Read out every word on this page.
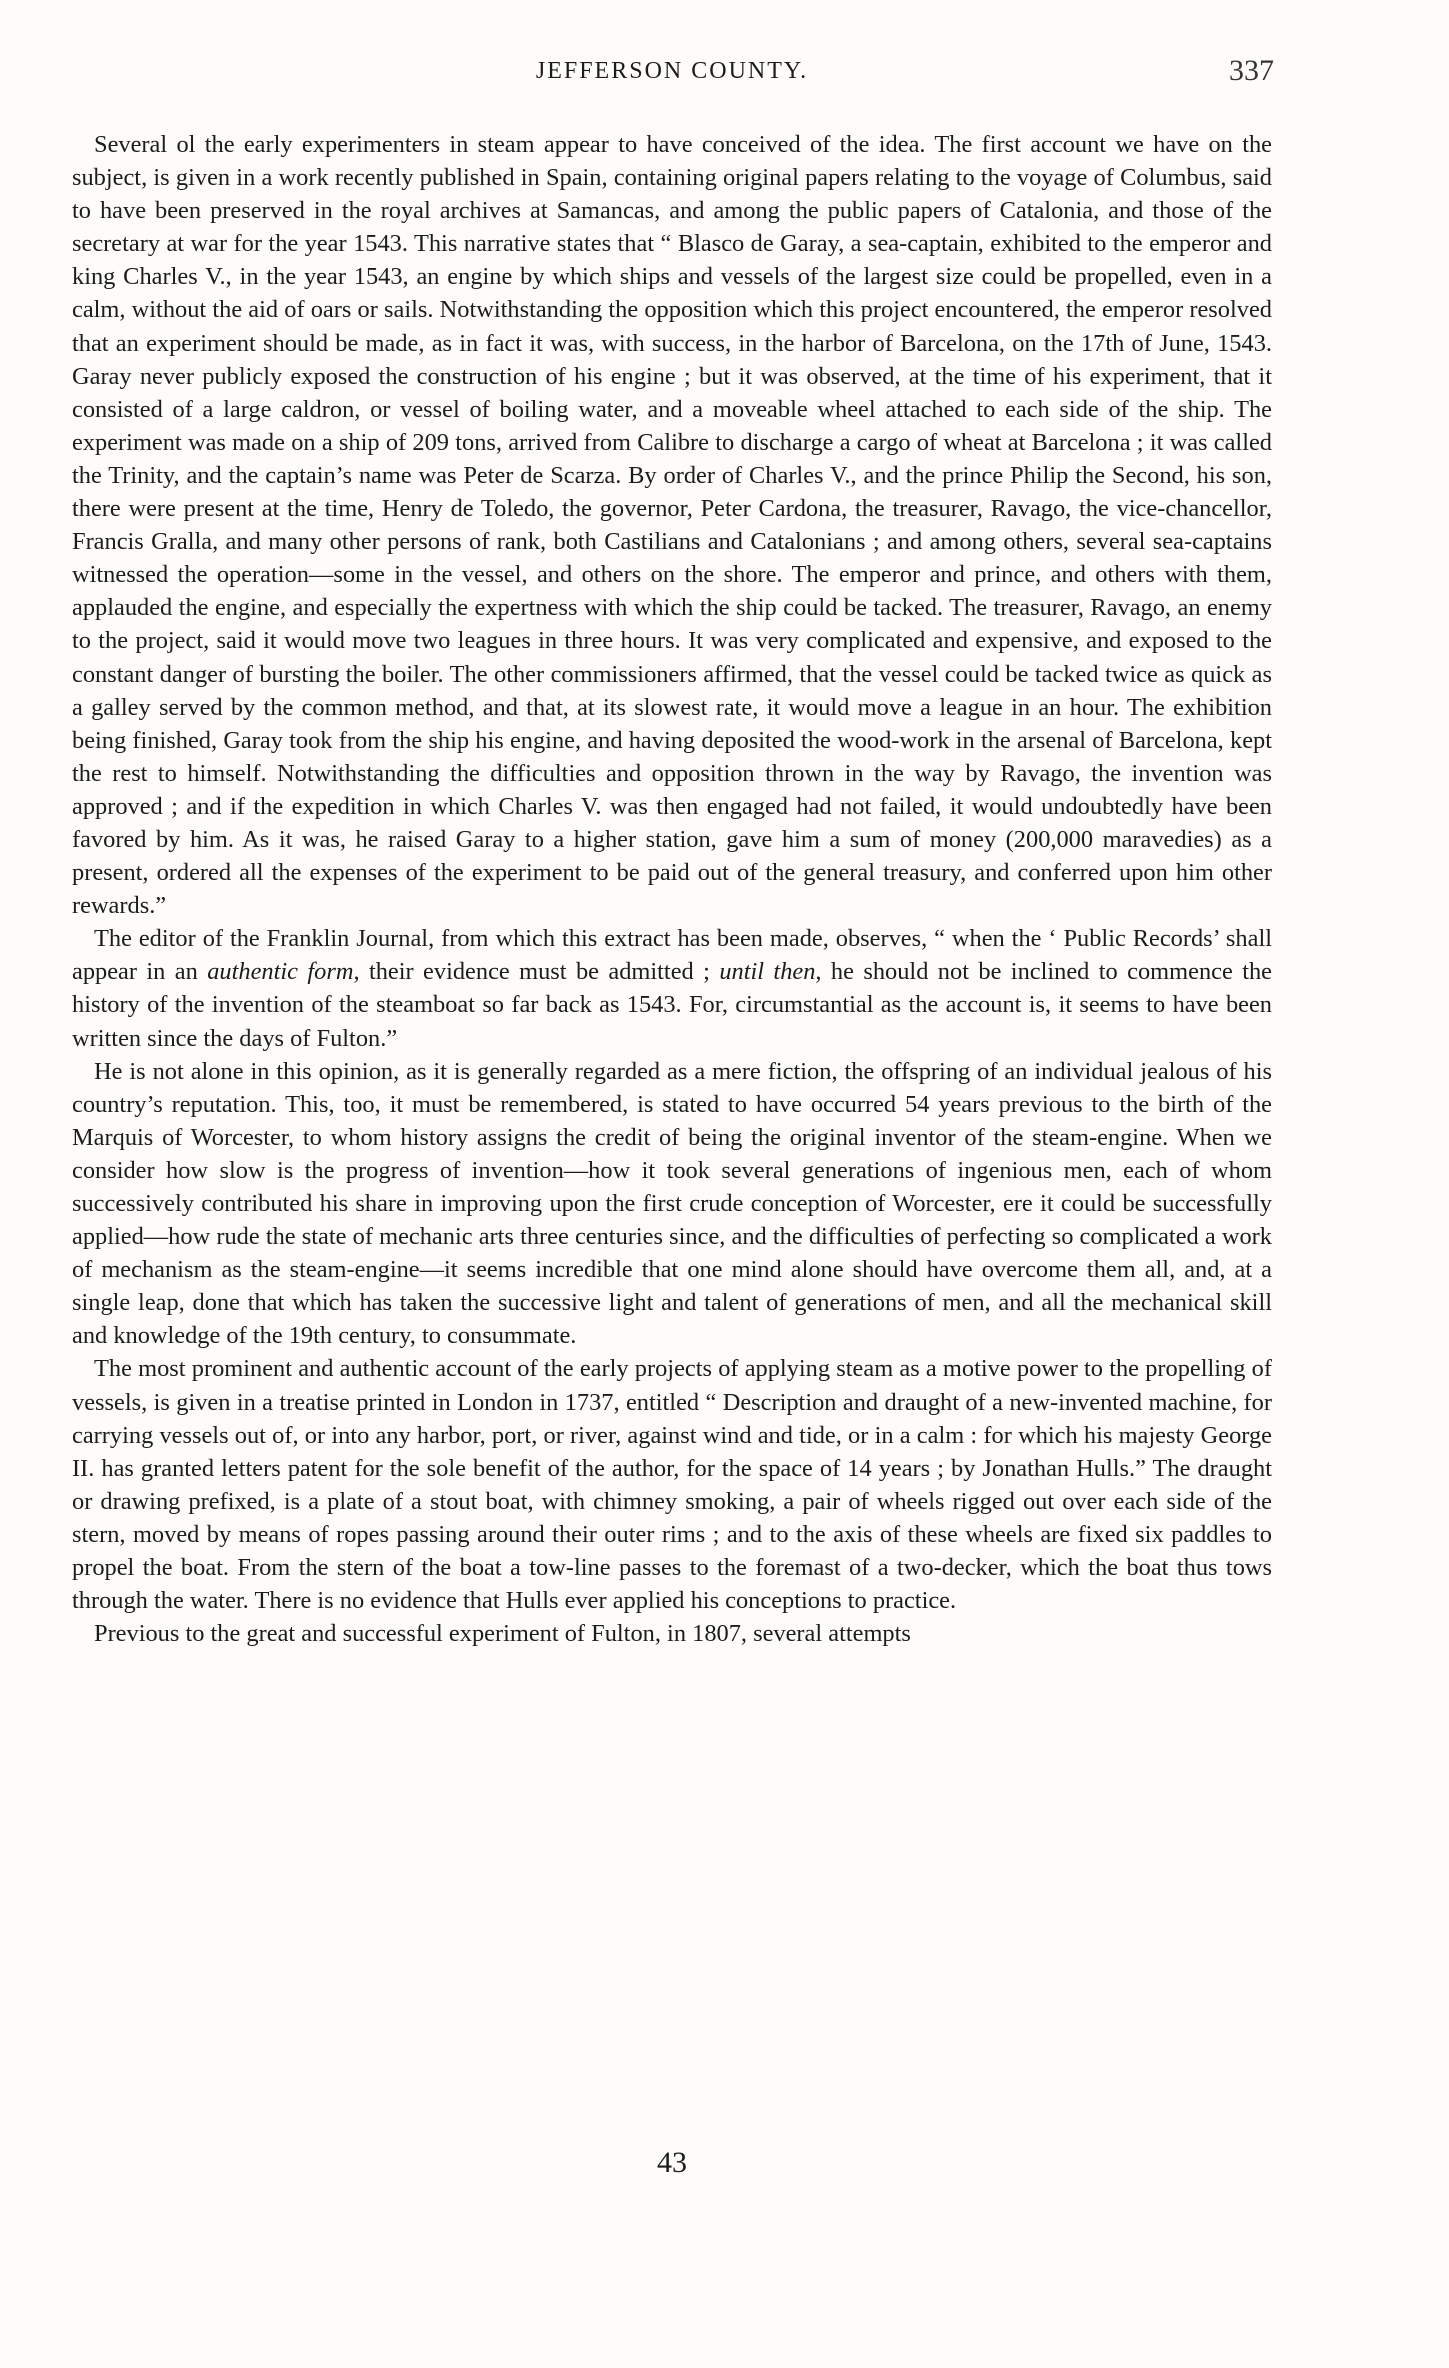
JEFFERSON COUNTY.	337

Several ol the early experimenters in steam appear to have conceived of the idea. The first account we have on the subject, is given in a work recently published in Spain, containing original papers relating to the voyage of Columbus, said to have been preserved in the royal archives at Samancas, and among the public papers of Catalonia, and those of the secretary at war for the year 1543. This narrative states that “ Blasco de Garay, a sea-captain, exhibited to the emperor and king Charles V., in the year 1543, an engine by which ships and vessels of the largest size could be propelled, even in a calm, without the aid of oars or sails. Notwithstanding the opposition which this project encountered, the emperor resolved that an experiment should be made, as in fact it was, with success, in the harbor of Barcelona, on the 17th of June, 1543. Garay never publicly exposed the construction of his engine ; but it was observed, at the time of his experiment, that it consisted of a large caldron, or vessel of boiling water, and a moveable wheel attached to each side of the ship. The experiment was made on a ship of 209 tons, arrived from Calibre to discharge a cargo of wheat at Barcelona ; it was called the Trinity, and the captain’s name was Peter de Scarza. By order of Charles V., and the prince Philip the Second, his son, there were present at the time, Henry de Toledo, the governor, Peter Cardona, the treasurer, Ravago, the vice-chancellor, Francis Gralla, and many other persons of rank, both Castilians and Catalonians ; and among others, several sea-captains witnessed the operation—some in the vessel, and others on the shore. The emperor and prince, and others with them, applauded the engine, and especially the expertness with which the ship could be tacked. The treasurer, Ravago, an enemy to the project, said it would move two leagues in three hours. It was very complicated and expensive, and exposed to the constant danger of bursting the boiler. The other commissioners affirmed, that the vessel could be tacked twice as quick as a galley served by the common method, and that, at its slowest rate, it would move a league in an hour. The exhibition being finished, Garay took from the ship his engine, and having deposited the wood-work in the arsenal of Barcelona, kept the rest to himself. Notwithstanding the difficulties and opposition thrown in the way by Ravago, the invention was approved ; and if the expedition in which Charles V. was then engaged had not failed, it would undoubtedly have been favored by him. As it was, he raised Garay to a higher station, gave him a sum of money (200,000 maravedies) as a present, ordered all the expenses of the experiment to be paid out of the general treasury, and conferred upon him other rewards.”

The editor of the Franklin Journal, from which this extract has been made, observes, “ when the ‘ Public Records’ shall appear in an authentic form, their evidence must be admitted ; until then, he should not be inclined to commence the history of the invention of the steamboat so far back as 1543. For, circumstantial as the account is, it seems to have been written since the days of Fulton.”

He is not alone in this opinion, as it is generally regarded as a mere fiction, the offspring of an individual jealous of his country’s reputation. This, too, it must be remembered, is stated to have occurred 54 years previous to the birth of the Marquis of Worcester, to whom history assigns the credit of being the original inventor of the steam-engine. When we consider how slow is the progress of invention—how it took several generations of ingenious men, each of whom successively contributed his share in improving upon the first crude conception of Worcester, ere it could be successfully applied—how rude the state of mechanic arts three centuries since, and the difficulties of perfecting so complicated a work of mechanism as the steam-engine—it seems incredible that one mind alone should have overcome them all, and, at a single leap, done that which has taken the successive light and talent of generations of men, and all the mechanical skill and knowledge of the 19th century, to consummate.

The most prominent and authentic account of the early projects of applying steam as a motive power to the propelling of vessels, is given in a treatise printed in London in 1737, entitled “ Description and draught of a new-invented machine, for carrying vessels out of, or into any harbor, port, or river, against wind and tide, or in a calm : for which his majesty George II. has granted letters patent for the sole benefit of the author, for the space of 14 years ; by Jonathan Hulls.” The draught or drawing prefixed, is a plate of a stout boat, with chimney smoking, a pair of wheels rigged out over each side of the stern, moved by means of ropes passing around their outer rims ; and to the axis of these wheels are fixed six paddles to propel the boat. From the stern of the boat a tow-line passes to the foremast of a two-decker, which the boat thus tows through the water. There is no evidence that Hulls ever applied his conceptions to practice.

Previous to the great and successful experiment of Fulton, in 1807, several attempts

43
